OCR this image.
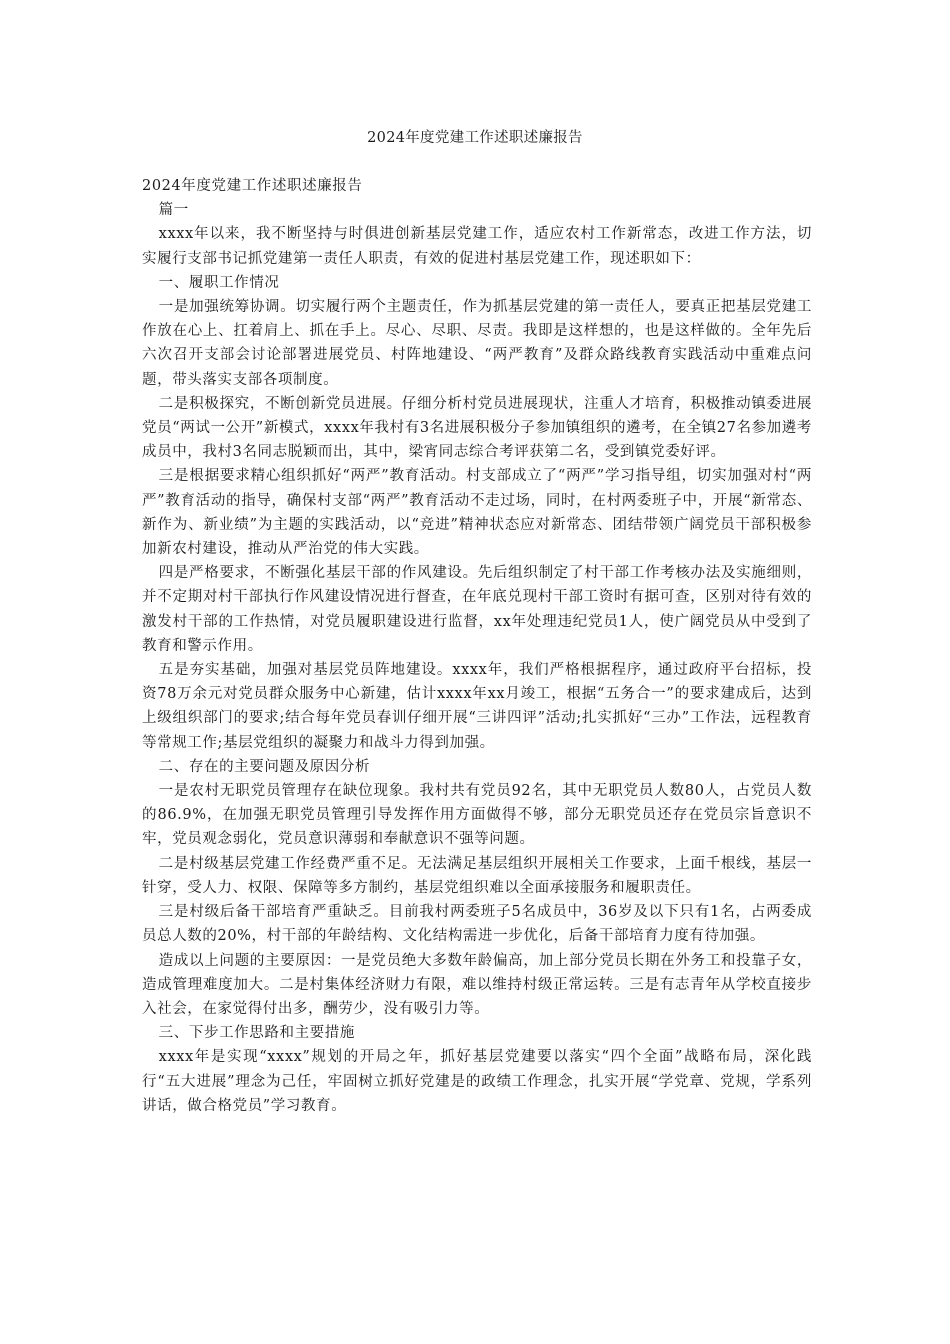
2024年度党建工作述职述廉报告

2024年度党建工作述职述廉报告

篇一

xxxx年以来，我不断坚持与时俱进创新基层党建工作，适应农村工作新常态，改进工作方法，切实履行支部书记抓党建第一责任人职责，有效的促进村基层党建工作，现述职如下：

一、履职工作情况

一是加强统筹协调。切实履行两个主题责任，作为抓基层党建的第一责任人，要真正把基层党建工作放在心上、扛着肩上、抓在手上。尽心、尽职、尽责。我即是这样想的，也是这样做的。全年先后六次召开支部会讨论部署进展党员、村阵地建设、“两严教育”及群众路线教育实践活动中重难点问题，带头落实支部各项制度。

二是积极探究，不断创新党员进展。仔细分析村党员进展现状，注重人才培育，积极推动镇委进展党员“两试一公开”新模式，xxxx年我村有3名进展积极分子参加镇组织的遴考，在全镇27名参加遴考成员中，我村3名同志脱颖而出，其中，梁宵同志综合考评获第二名，受到镇党委好评。

三是根据要求精心组织抓好“两严”教育活动。村支部成立了“两严”学习指导组，切实加强对村“两严”教育活动的指导，确保村支部“两严”教育活动不走过场，同时，在村两委班子中，开展“新常态、新作为、新业绩”为主题的实践活动，以“竞进”精神状态应对新常态、团结带领广阔党员干部积极参加新农村建设，推动从严治党的伟大实践。

四是严格要求，不断强化基层干部的作风建设。先后组织制定了村干部工作考核办法及实施细则，并不定期对村干部执行作风建设情况进行督查，在年底兑现村干部工资时有据可查，区别对待有效的激发村干部的工作热情，对党员履职建设进行监督，xx年处理违纪党员1人，使广阔党员从中受到了教育和警示作用。

五是夯实基础，加强对基层党员阵地建设。xxxx年，我们严格根据程序，通过政府平台招标，投资78万余元对党员群众服务中心新建，估计xxxx年xx月竣工，根据“五务合一”的要求建成后，达到上级组织部门的要求;结合每年党员春训仔细开展“三讲四评”活动;扎实抓好“三办”工作法，远程教育等常规工作;基层党组织的凝聚力和战斗力得到加强。

二、存在的主要问题及原因分析

一是农村无职党员管理存在缺位现象。我村共有党员92名，其中无职党员人数80人，占党员人数的86.9%，在加强无职党员管理引导发挥作用方面做得不够，部分无职党员还存在党员宗旨意识不牢，党员观念弱化，党员意识薄弱和奉献意识不强等问题。

二是村级基层党建工作经费严重不足。无法满足基层组织开展相关工作要求，上面千根线，基层一针穿，受人力、权限、保障等多方制约，基层党组织难以全面承接服务和履职责任。

三是村级后备干部培育严重缺乏。目前我村两委班子5名成员中，36岁及以下只有1名，占两委成员总人数的20%，村干部的年龄结构、文化结构需进一步优化，后备干部培育力度有待加强。

造成以上问题的主要原因：一是党员绝大多数年龄偏高，加上部分党员长期在外务工和投靠子女，造成管理难度加大。二是村集体经济财力有限，难以维持村级正常运转。三是有志青年从学校直接步入社会，在家觉得付出多，酬劳少，没有吸引力等。

三、下步工作思路和主要措施

xxxx年是实现“xxxx”规划的开局之年，抓好基层党建要以落实“四个全面”战略布局，深化践行“五大进展”理念为己任，牢固树立抓好党建是的政绩工作理念，扎实开展“学党章、党规，学系列讲话，做合格党员”学习教育。
